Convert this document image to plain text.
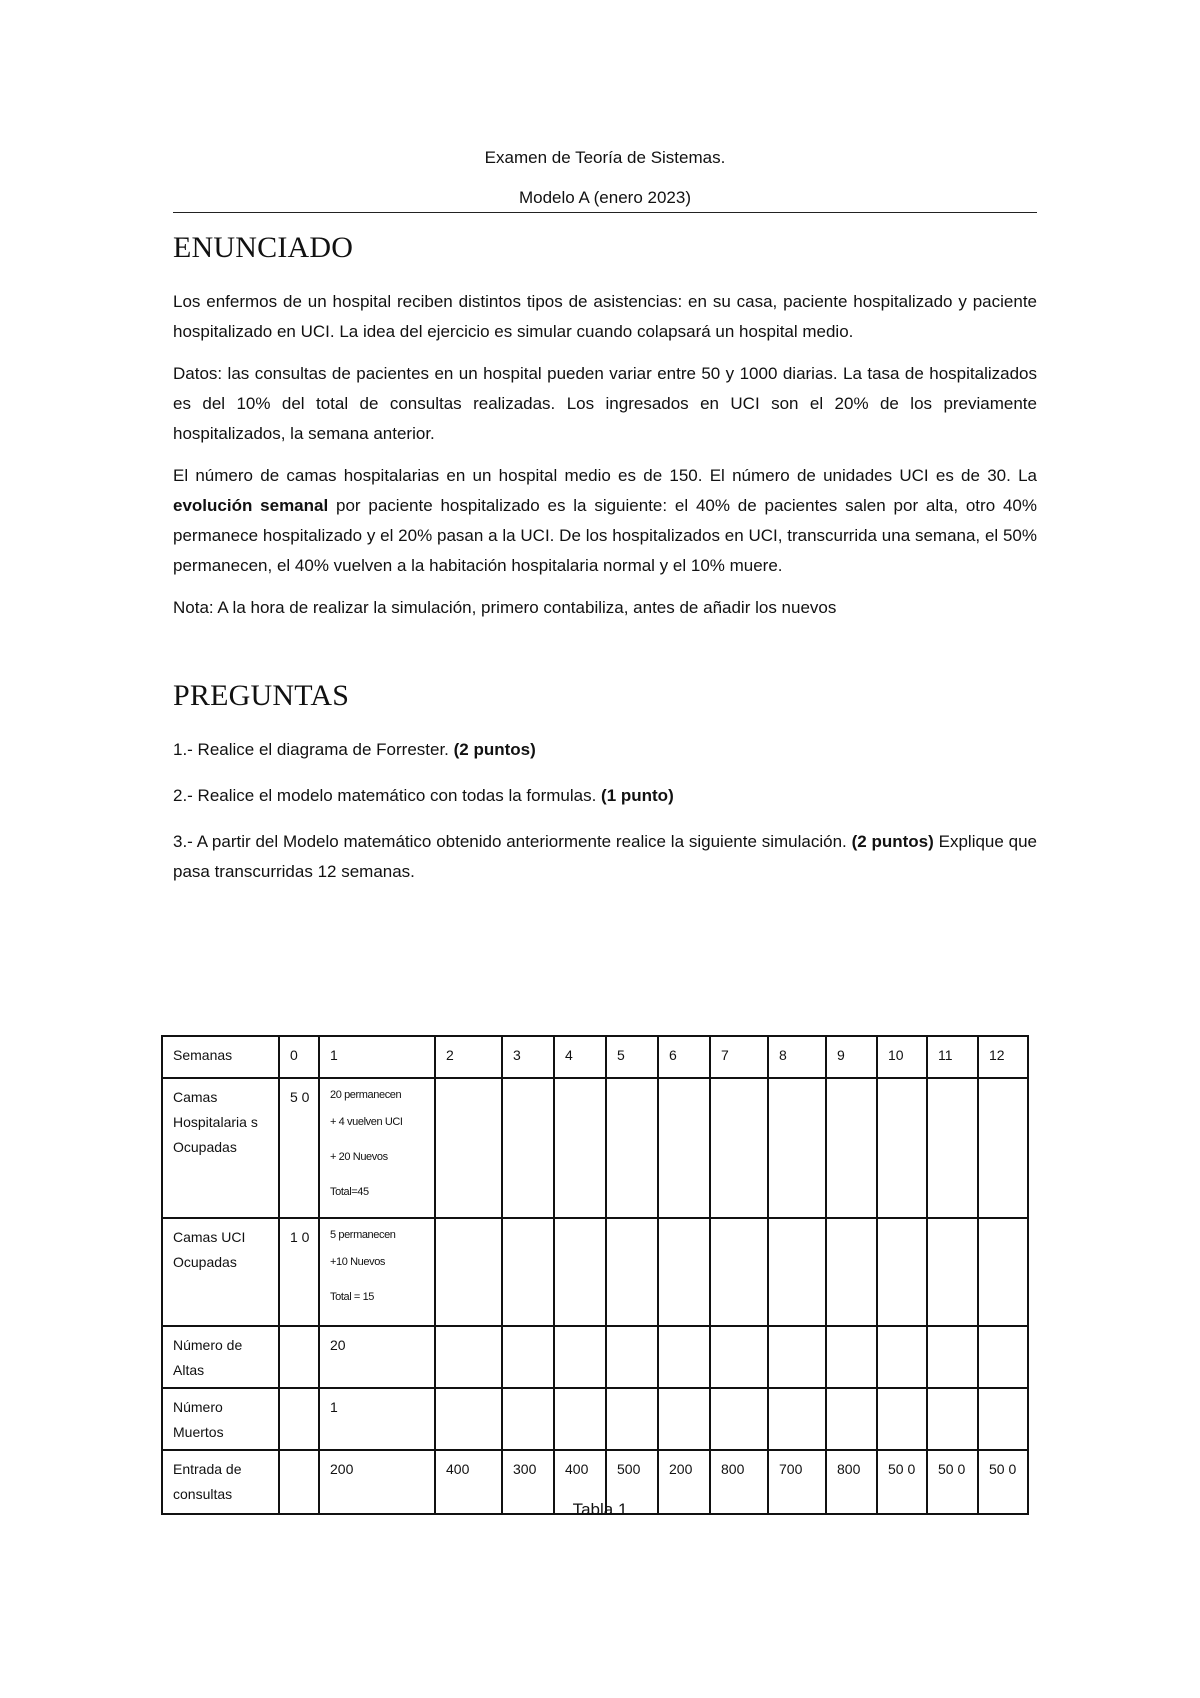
Examen de Teoría de Sistemas.
Modelo A (enero 2023)
ENUNCIADO

Los enfermos de un hospital reciben distintos tipos de asistencias: en su casa, paciente hospitalizado y paciente hospitalizado en UCI. La idea del ejercicio es simular cuando colapsará un hospital medio.

Datos: las consultas de pacientes en un hospital pueden variar entre 50 y 1000 diarias. La tasa de hospitalizados es del 10% del total de consultas realizadas. Los ingresados en UCI son el 20% de los previamente hospitalizados, la semana anterior.

El número de camas hospitalarias en un hospital medio es de 150. El número de unidades UCI es de 30. La evolución semanal por paciente hospitalizado es la siguiente: el 40% de pacientes salen por alta, otro 40% permanece hospitalizado y el 20% pasan a la UCI. De los hospitalizados en UCI, transcurrida una semana, el 50% permanecen, el 40% vuelven a la habitación hospitalaria normal y el 10% muere.

Nota: A la hora de realizar la simulación, primero contabiliza, antes de añadir los nuevos

PREGUNTAS

1.- Realice el diagrama de Forrester. (2 puntos)

2.- Realice el modelo matemático con todas la formulas. (1 punto)

3.- A partir del Modelo matemático obtenido anteriormente realice la siguiente simulación. (2 puntos) Explique que pasa transcurridas 12 semanas.

Semanas	0	1	2	3	4	5	6	7	8	9	10	11	12
Camas Hospitalaria s Ocupadas	5 0	20 permanecen
+ 4 vuelven UCI
+ 20 Nuevos
Total=45											

Camas UCI Ocupadas	1 0	5 permanecen
+10 Nuevos
Total = 15											

Número de Altas		20											
Número Muertos		1											
Entrada de consultas		200	400	300	400	500	200	800	700	800	50 0	50 0	50 0
Tabla 1
